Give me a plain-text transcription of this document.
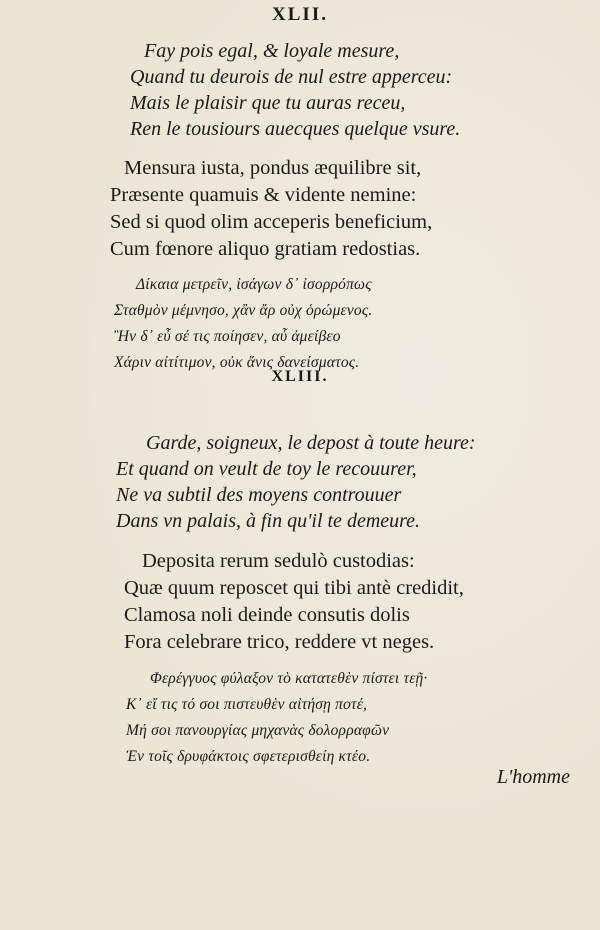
XLII.
Fay pois egal, & loyale mesure,
Quand tu deurois de nul estre apperceu:
Mais le plaisir que tu auras receu,
Ren le tousiours auecques quelque vsure.
Mensura iusta, pondus æquilibre sit,
Præsente quamuis & vidente nemine:
Sed si quod olim acceperis beneficium,
Cum fœnore aliquo gratiam redostias.
Δίκαια μετρεῖν, ἰσάγων δ᾽ ἰσορρόπως
Σταθμὸν μέμνησο, χἂν ἄρ οὐχ ὁρώμενος.
Ἢν δ᾽ εὖ σέ τις ποίησεν, αὖ ἀμείβεο
Χάριν αἰτίτιμον, οὐκ ἄνις δανείσματος.
XLIII.
Garde, soigneux, le depost à toute heure:
Et quand on veult de toy le recouurer,
Ne va subtil des moyens controuuer
Dans vn palais, à fin qu'il te demeure.
Deposita rerum sedulò custodias:
Quæ quum reposcet qui tibi antè credidit,
Clamosa noli deinde consutis dolis
Fora celebrare trico, reddere vt neges.
Φερέγγυος φύλαξον τὸ κατατεθὲν πίστει τεῇ·
Κ᾽ εἴ τις τό σοι πιστευθὲν αἰτήσῃ ποτέ,
Μή σοι πανουργίας μηχανὰς δολορραφῶν
Ἐν τοῖς δρυφάκτοις σφετερισθείη κτέο.
L'homme
